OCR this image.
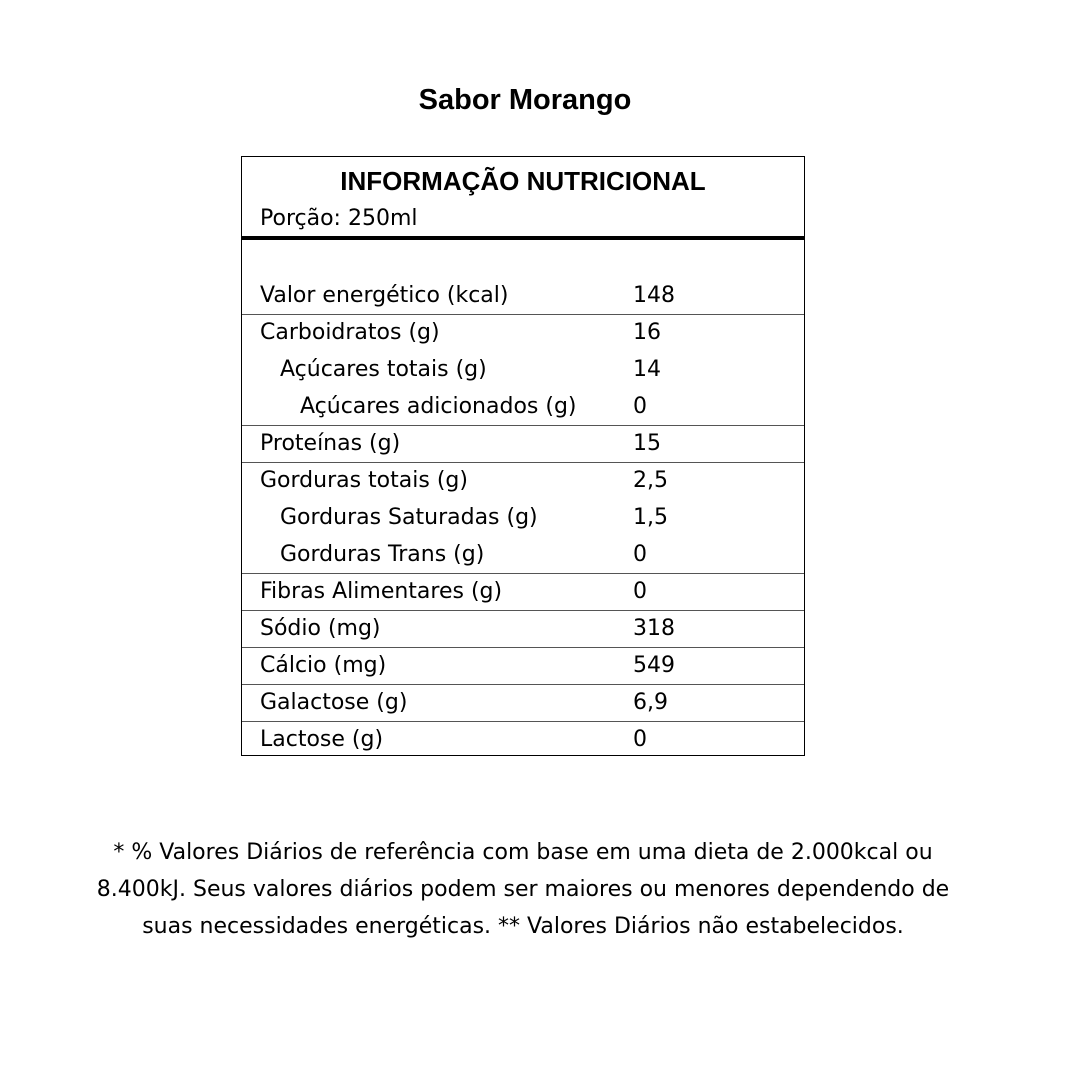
Sabor Morango
INFORMAÇÃO NUTRICIONAL
Porção: 250ml
Valor energético (kcal)	148
Carboidratos (g)	16
Açúcares totais (g)	14
Açúcares adicionados (g)	0
Proteínas (g)	15
Gorduras totais (g)	2,5
Gorduras Saturadas (g)	1,5
Gorduras Trans (g)	0
Fibras Alimentares (g)	0
Sódio (mg)	318
Cálcio (mg)	549
Galactose (g)	6,9
Lactose (g)	0
* % Valores Diários de referência com base em uma dieta de 2.000kcal ou
8.400kJ. Seus valores diários podem ser maiores ou menores dependendo de
suas necessidades energéticas. ** Valores Diários não estabelecidos.
